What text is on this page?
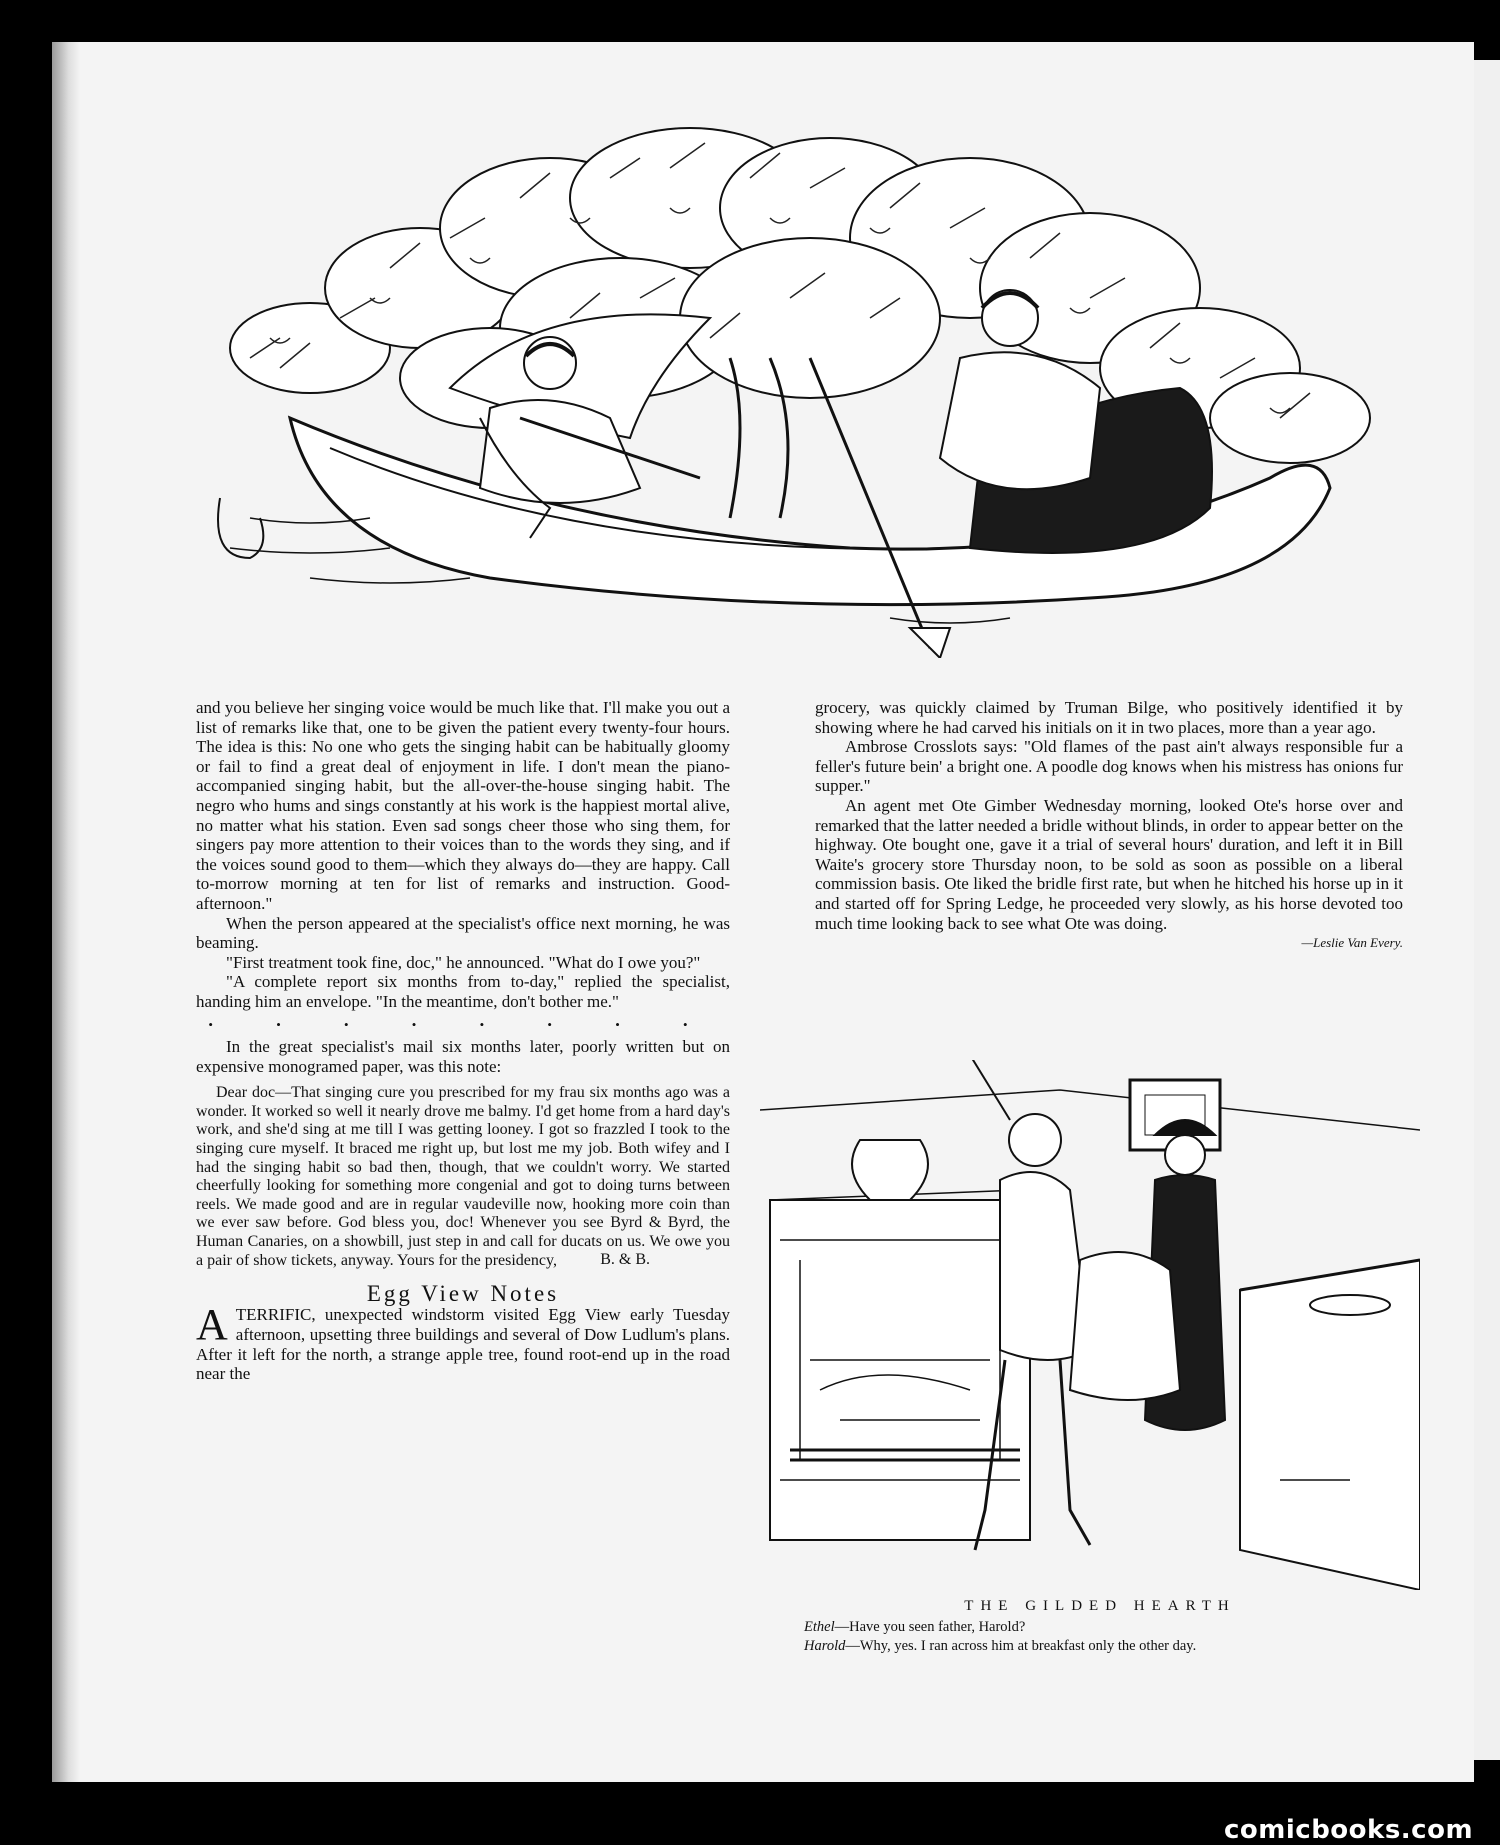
and you believe her singing voice would be much like that. I'll make you out a list of remarks like that, one to be given the patient every twenty-four hours. The idea is this: No one who gets the singing habit can be habitually gloomy or fail to find a great deal of enjoyment in life. I don't mean the piano-accompanied singing habit, but the all-over-the-house singing habit. The negro who hums and sings constantly at his work is the happiest mortal alive, no matter what his station. Even sad songs cheer those who sing them, for singers pay more attention to their voices than to the words they sing, and if the voices sound good to them—which they always do—they are happy. Call to-morrow morning at ten for list of remarks and instruction. Good-afternoon."

When the person appeared at the specialist's office next morning, he was beaming.

"First treatment took fine, doc," he announced. "What do I owe you?"

"A complete report six months from to-day," replied the specialist, handing him an envelope. "In the meantime, don't bother me."

• • • • • • • •

In the great specialist's mail six months later, poorly written but on expensive monogramed paper, was this note:

Dear doc—That singing cure you prescribed for my frau six months ago was a wonder. It worked so well it nearly drove me balmy. I'd get home from a hard day's work, and she'd sing at me till I was getting looney. I got so frazzled I took to the singing cure myself. It braced me right up, but lost me my job. Both wifey and I had the singing habit so bad then, though, that we couldn't worry. We started cheerfully looking for something more congenial and got to doing turns between reels. We made good and are in regular vaudeville now, hooking more coin than we ever saw before. God bless you, doc! Whenever you see Byrd & Byrd, the Human Canaries, on a showbill, just step in and call for ducats on us. We owe you a pair of show tickets, anyway. Yours for the presidency,	B. & B.
Egg View Notes

ATERRIFIC, unexpected windstorm visited Egg View early Tuesday afternoon, upsetting three buildings and several of Dow Ludlum's plans. After it left for the north, a strange apple tree, found root-end up in the road near the

grocery, was quickly claimed by Truman Bilge, who positively identified it by showing where he had carved his initials on it in two places, more than a year ago.

Ambrose Crosslots says: "Old flames of the past ain't always responsible fur a feller's future bein' a bright one. A poodle dog knows when his mistress has onions fur supper."

An agent met Ote Gimber Wednesday morning, looked Ote's horse over and remarked that the latter needed a bridle without blinds, in order to appear better on the highway. Ote bought one, gave it a trial of several hours' duration, and left it in Bill Waite's grocery store Thursday noon, to be sold as soon as possible on a liberal commission basis. Ote liked the bridle first rate, but when he hitched his horse up in it and started off for Spring Ledge, he proceeded very slowly, as his horse devoted too much time looking back to see what Ote was doing.

—Leslie Van Every.
THE GILDED HEARTH
Ethel—Have you seen father, Harold?
Harold—Why, yes. I ran across him at breakfast only the other day.
comicbooks.com
